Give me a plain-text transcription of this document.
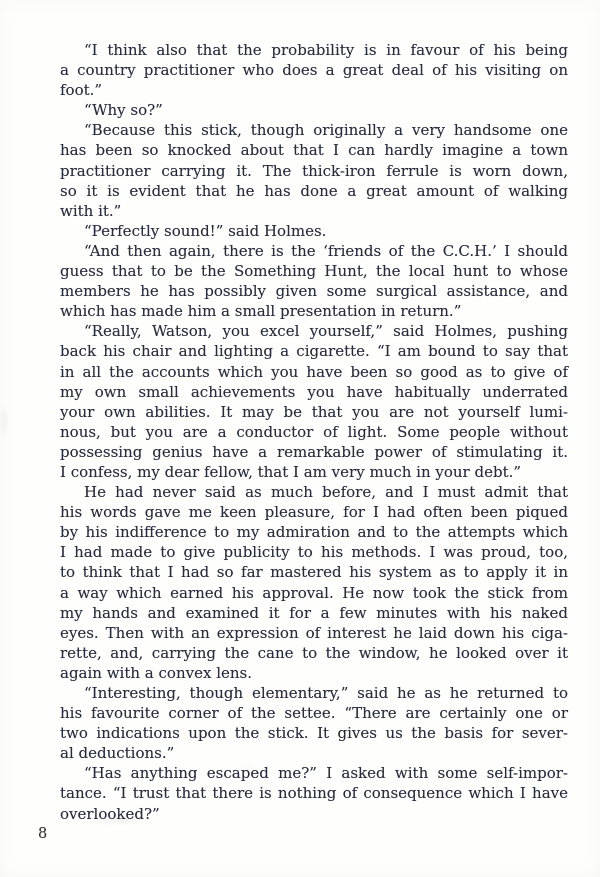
“I think also that the probability is in favour of his being
a country practitioner who does a great deal of his visiting on
foot.”
“Why so?”
“Because this stick, though originally a very handsome one
has been so knocked about that I can hardly imagine a town
practitioner carrying it. The thick-iron ferrule is worn down,
so it is evident that he has done a great amount of walking
with it.”
“Perfectly sound!” said Holmes.
“And then again, there is the ‘friends of the C.C.H.’ I should
guess that to be the Something Hunt, the local hunt to whose
members he has possibly given some surgical assistance, and
which has made him a small presentation in return.”
“Really, Watson, you excel yourself,” said Holmes, pushing
back his chair and lighting a cigarette. “I am bound to say that
in all the accounts which you have been so good as to give of
my own small achievements you have habitually underrated
your own abilities. It may be that you are not yourself lumi-
nous, but you are a conductor of light. Some people without
possessing genius have a remarkable power of stimulating it.
I confess, my dear fellow, that I am very much in your debt.”
He had never said as much before, and I must admit that
his words gave me keen pleasure, for I had often been piqued
by his indifference to my admiration and to the attempts which
I had made to give publicity to his methods. I was proud, too,
to think that I had so far mastered his system as to apply it in
a way which earned his approval. He now took the stick from
my hands and examined it for a few minutes with his naked
eyes. Then with an expression of interest he laid down his ciga-
rette, and, carrying the cane to the window, he looked over it
again with a convex lens.
“Interesting, though elementary,” said he as he returned to
his favourite corner of the settee. “There are certainly one or
two indications upon the stick. It gives us the basis for sever-
al deductions.”
“Has anything escaped me?” I asked with some self-impor-
tance. “I trust that there is nothing of consequence which I have
overlooked?”
8
